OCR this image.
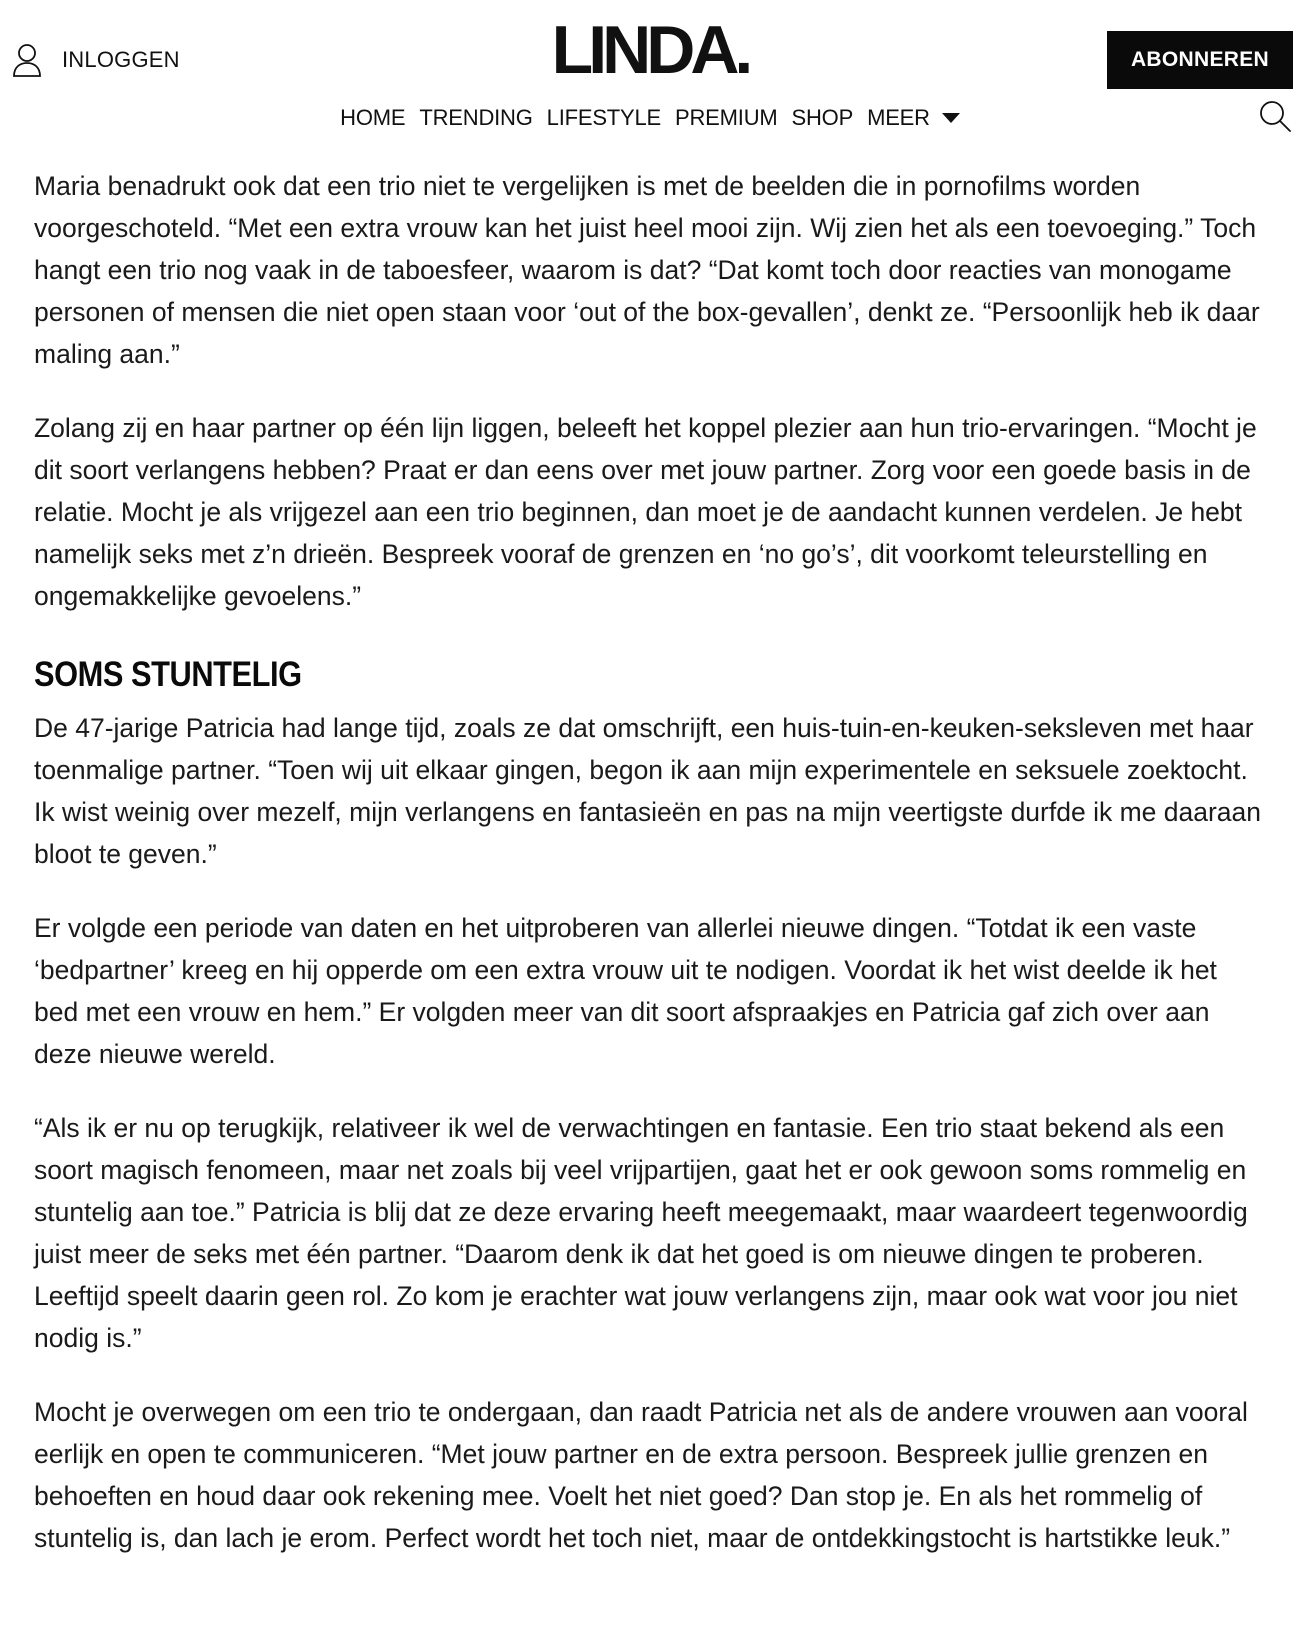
INLOGGEN	LINDA.	ABONNEREN
HOME TRENDING LIFESTYLE PREMIUM SHOP MEER

Maria benadrukt ook dat een trio niet te vergelijken is met de beelden die in pornofilms worden voorgeschoteld. “Met een extra vrouw kan het juist heel mooi zijn. Wij zien het als een toevoeging.” Toch hangt een trio nog vaak in de taboesfeer, waarom is dat? “Dat komt toch door reacties van monogame personen of mensen die niet open staan voor ‘out of the box-gevallen’, denkt ze. “Persoonlijk heb ik daar maling aan.”

Zolang zij en haar partner op één lijn liggen, beleeft het koppel plezier aan hun trio-ervaringen. “Mocht je dit soort verlangens hebben? Praat er dan eens over met jouw partner. Zorg voor een goede basis in de relatie. Mocht je als vrijgezel aan een trio beginnen, dan moet je de aandacht kunnen verdelen. Je hebt namelijk seks met z’n drieën. Bespreek vooraf de grenzen en ‘no go’s’, dit voorkomt teleurstelling en ongemakkelijke gevoelens.”

SOMS STUNTELIG

De 47-jarige Patricia had lange tijd, zoals ze dat omschrijft, een huis-tuin-en-keuken-seksleven met haar toenmalige partner. “Toen wij uit elkaar gingen, begon ik aan mijn experimentele en seksuele zoektocht. Ik wist weinig over mezelf, mijn verlangens en fantasieën en pas na mijn veertigste durfde ik me daaraan bloot te geven.”

Er volgde een periode van daten en het uitproberen van allerlei nieuwe dingen. “Totdat ik een vaste ‘bedpartner’ kreeg en hij opperde om een extra vrouw uit te nodigen. Voordat ik het wist deelde ik het bed met een vrouw en hem.” Er volgden meer van dit soort afspraakjes en Patricia gaf zich over aan deze nieuwe wereld.

“Als ik er nu op terugkijk, relativeer ik wel de verwachtingen en fantasie. Een trio staat bekend als een soort magisch fenomeen, maar net zoals bij veel vrijpartijen, gaat het er ook gewoon soms rommelig en stuntelig aan toe.” Patricia is blij dat ze deze ervaring heeft meegemaakt, maar waardeert tegenwoordig juist meer de seks met één partner. “Daarom denk ik dat het goed is om nieuwe dingen te proberen. Leeftijd speelt daarin geen rol. Zo kom je erachter wat jouw verlangens zijn, maar ook wat voor jou niet nodig is.”

Mocht je overwegen om een trio te ondergaan, dan raadt Patricia net als de andere vrouwen aan vooral eerlijk en open te communiceren. “Met jouw partner en de extra persoon. Bespreek jullie grenzen en behoeften en houd daar ook rekening mee. Voelt het niet goed? Dan stop je. En als het rommelig of stuntelig is, dan lach je erom. Perfect wordt het toch niet, maar de ontdekkingstocht is hartstikke leuk.”
